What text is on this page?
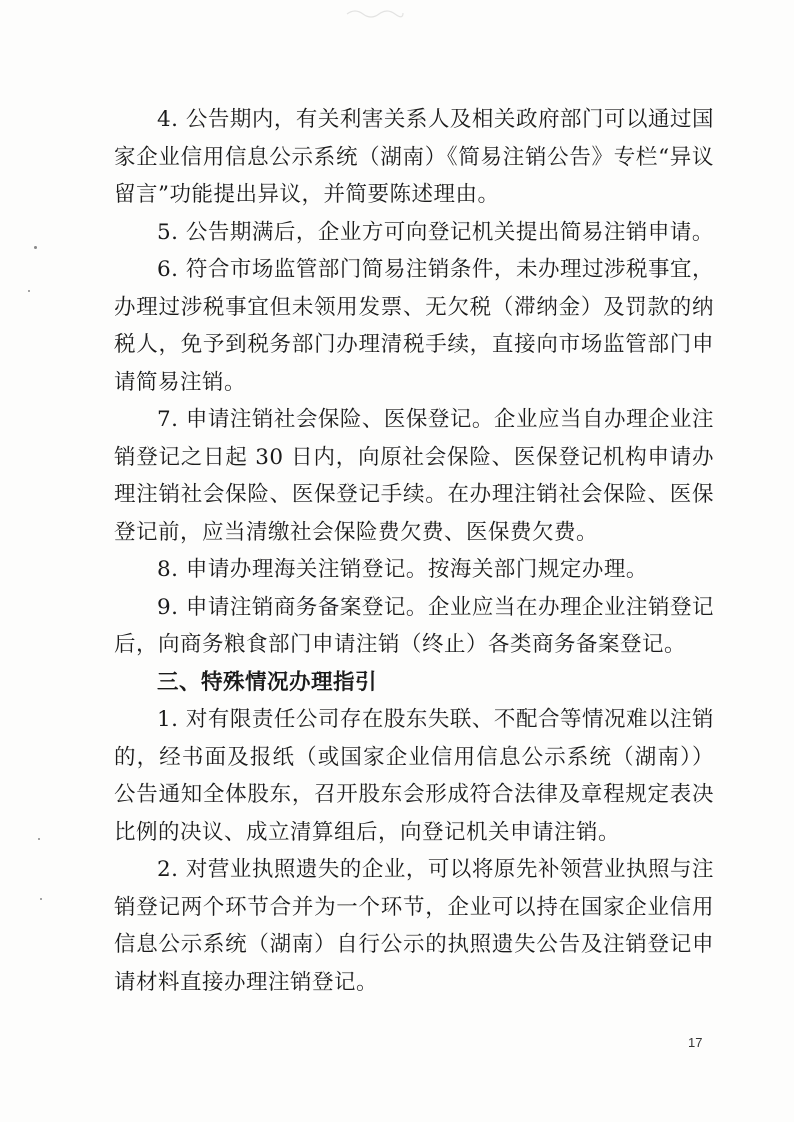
4. 公告期内，有关利害关系人及相关政府部门可以通过国家企业信用信息公示系统（湖南）《简易注销公告》专栏“异议留言”功能提出异议，并简要陈述理由。

5. 公告期满后，企业方可向登记机关提出简易注销申请。

6. 符合市场监管部门简易注销条件，未办理过涉税事宜，办理过涉税事宜但未领用发票、无欠税（滞纳金）及罚款的纳税人，免予到税务部门办理清税手续，直接向市场监管部门申请简易注销。

7. 申请注销社会保险、医保登记。企业应当自办理企业注销登记之日起 30 日内，向原社会保险、医保登记机构申请办理注销社会保险、医保登记手续。在办理注销社会保险、医保登记前，应当清缴社会保险费欠费、医保费欠费。

8. 申请办理海关注销登记。按海关部门规定办理。

9. 申请注销商务备案登记。企业应当在办理企业注销登记后，向商务粮食部门申请注销（终止）各类商务备案登记。

三、特殊情况办理指引

1. 对有限责任公司存在股东失联、不配合等情况难以注销的，经书面及报纸（或国家企业信用信息公示系统（湖南））公告通知全体股东，召开股东会形成符合法律及章程规定表决比例的决议、成立清算组后，向登记机关申请注销。

2. 对营业执照遗失的企业，可以将原先补领营业执照与注销登记两个环节合并为一个环节，企业可以持在国家企业信用信息公示系统（湖南）自行公示的执照遗失公告及注销登记申请材料直接办理注销登记。

17
